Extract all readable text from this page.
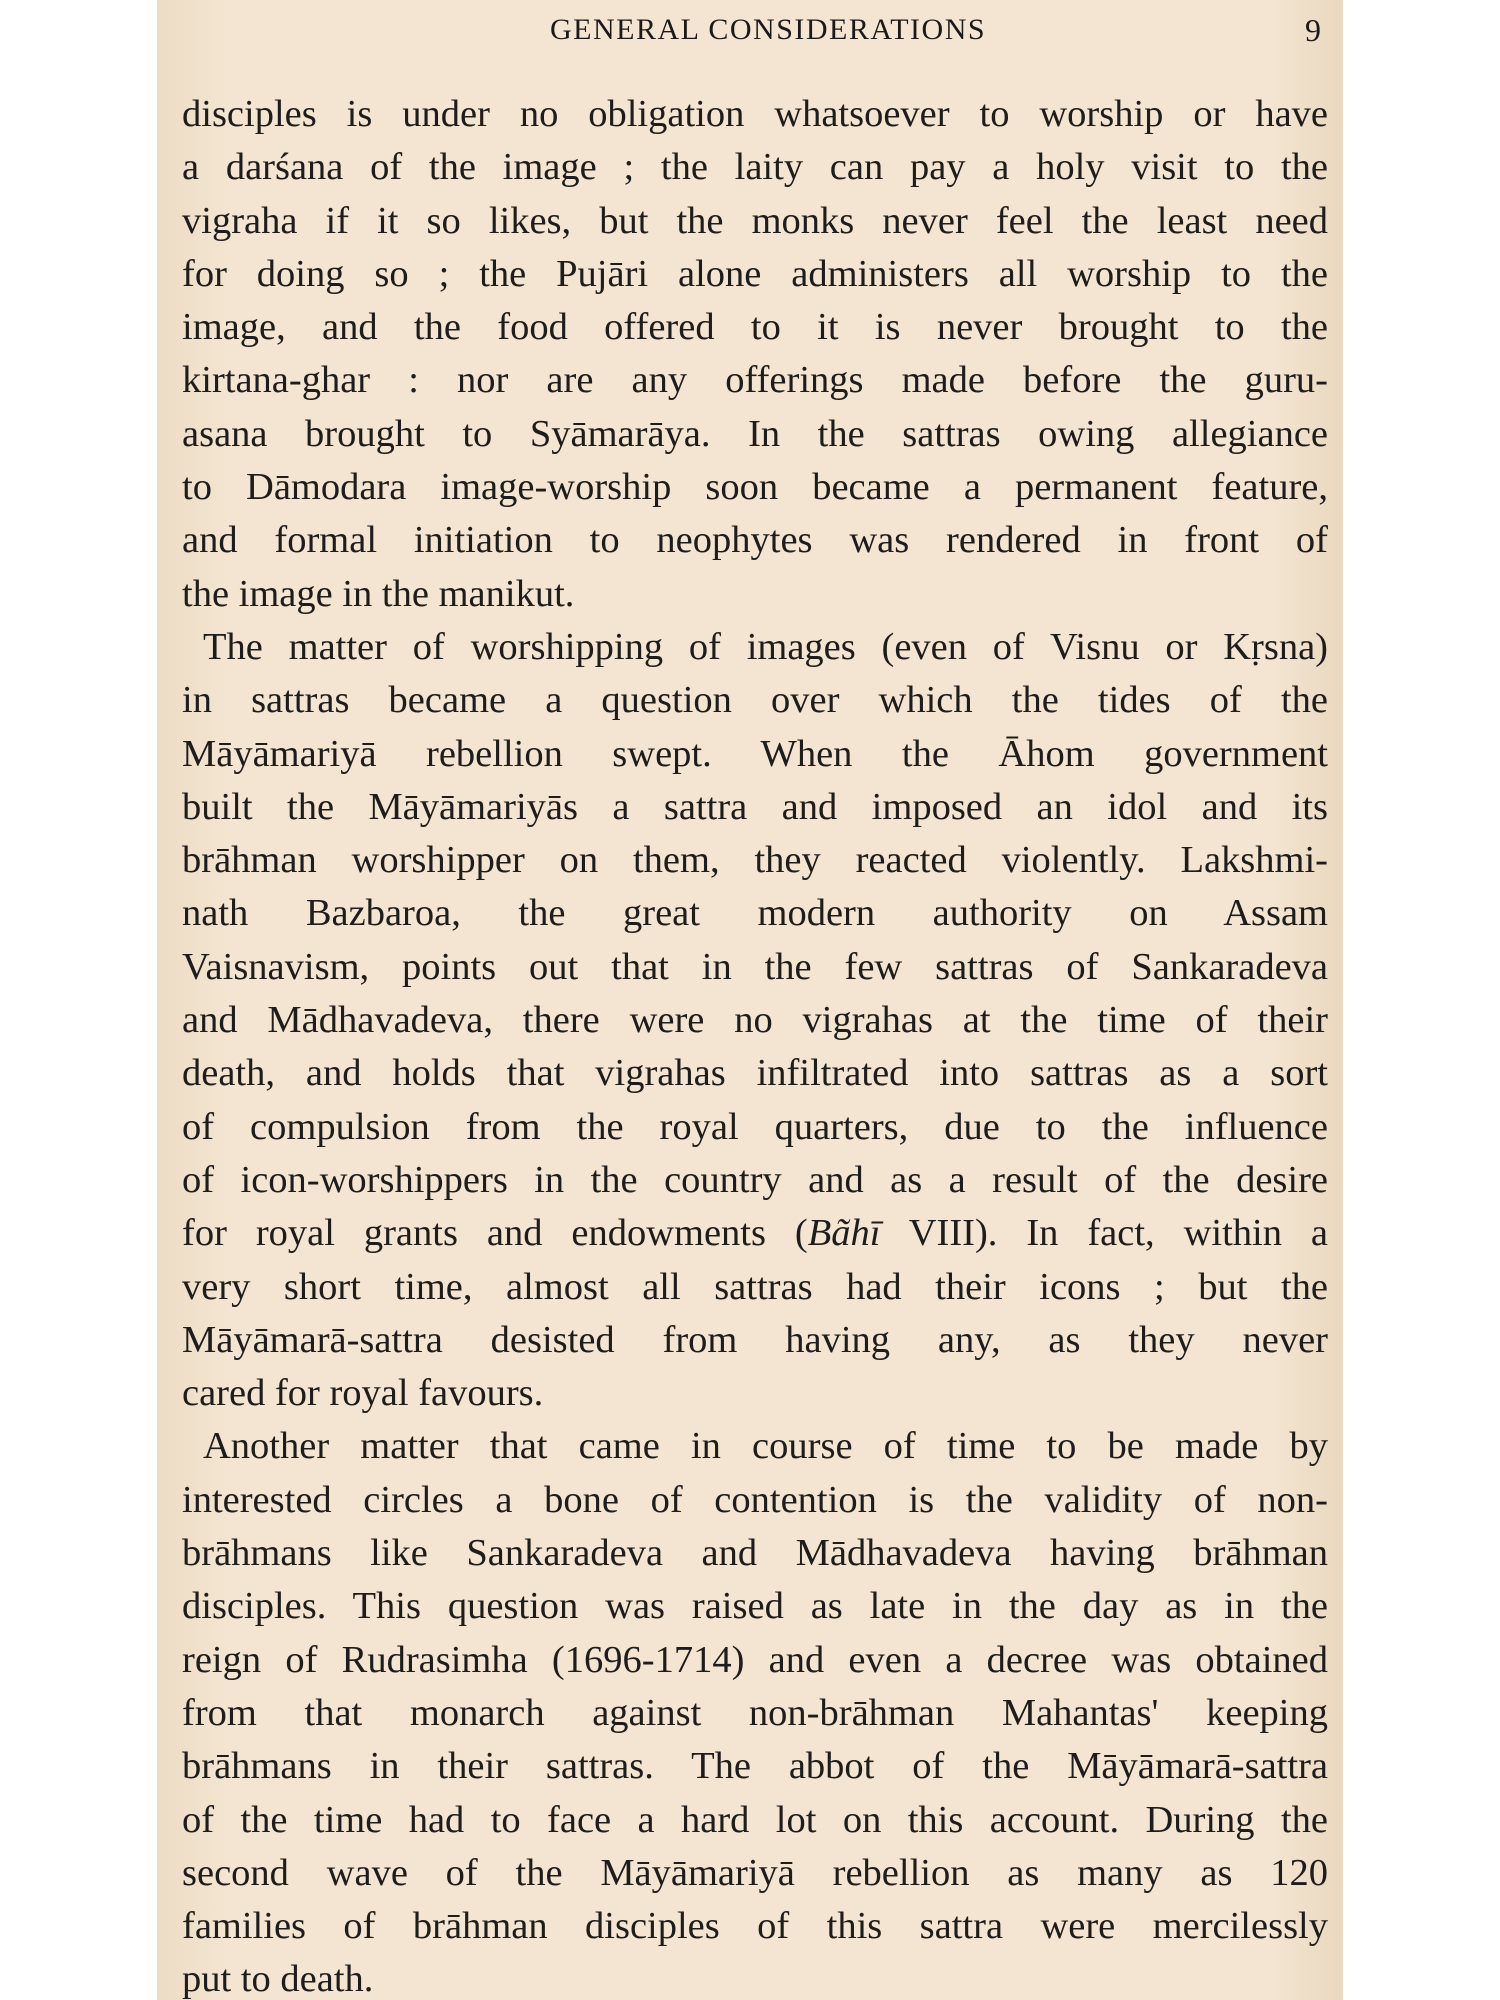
GENERAL CONSIDERATIONS	9
disciples is under no obligation whatsoever to worship or have
a darśana of the image ; the laity can pay a holy visit to the
vigraha if it so likes, but the monks never feel the least need
for doing so ; the Pujāri alone administers all worship to the
image, and the food offered to it is never brought to the
kirtana-ghar : nor are any offerings made before the guru-
asana brought to Syāmarāya. In the sattras owing allegiance
to Dāmodara image-worship soon became a permanent feature,
and formal initiation to neophytes was rendered in front of
the image in the manikut.
The matter of worshipping of images (even of Visnu or Kṛsna)
in sattras became a question over which the tides of the
Māyāmariyā rebellion swept. When the Āhom government
built the Māyāmariyās a sattra and imposed an idol and its
brāhman worshipper on them, they reacted violently. Lakshmi-
nath Bazbaroa, the great modern authority on Assam
Vaisnavism, points out that in the few sattras of Sankaradeva
and Mādhavadeva, there were no vigrahas at the time of their
death, and holds that vigrahas infiltrated into sattras as a sort
of compulsion from the royal quarters, due to the influence
of icon-worshippers in the country and as a result of the desire
for royal grants and endowments (Bãhī VIII). In fact, within a
very short time, almost all sattras had their icons ; but the
Māyāmarā-sattra desisted from having any, as they never
cared for royal favours.
Another matter that came in course of time to be made by
interested circles a bone of contention is the validity of non-
brāhmans like Sankaradeva and Mādhavadeva having brāhman
disciples. This question was raised as late in the day as in the
reign of Rudrasimha (1696-1714) and even a decree was obtained
from that monarch against non-brāhman Mahantas' keeping
brāhmans in their sattras. The abbot of the Māyāmarā-sattra
of the time had to face a hard lot on this account. During the
second wave of the Māyāmariyā rebellion as many as 120
families of brāhman disciples of this sattra were mercilessly
put to death.
